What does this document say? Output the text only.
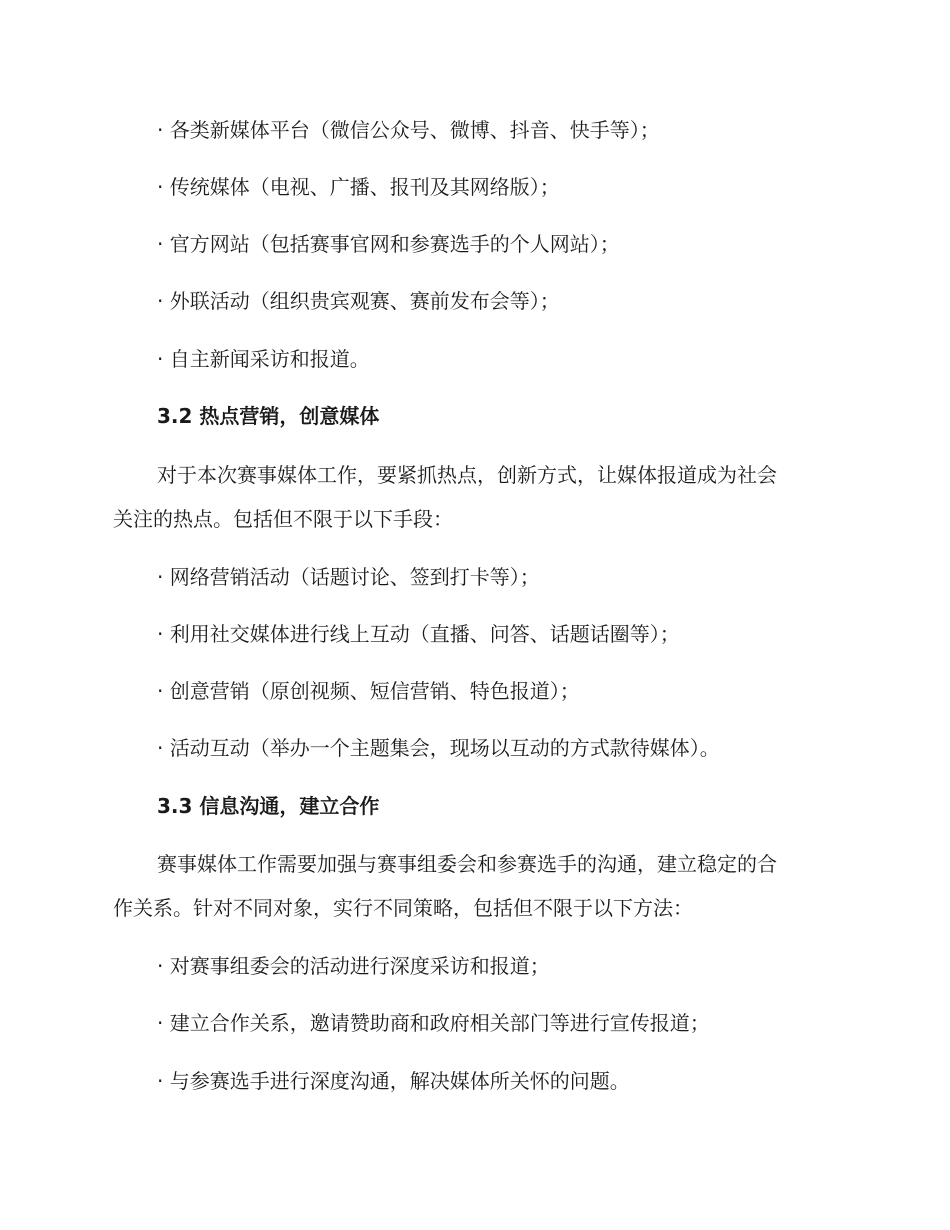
· 各类新媒体平台（微信公众号、微博、抖音、快手等）；

· 传统媒体（电视、广播、报刊及其网络版）；

· 官方网站（包括赛事官网和参赛选手的个人网站）；

· 外联活动（组织贵宾观赛、赛前发布会等）；

· 自主新闻采访和报道。

3.2 热点营销，创意媒体

对于本次赛事媒体工作，要紧抓热点，创新方式，让媒体报道成为社会

关注的热点。包括但不限于以下手段：

· 网络营销活动（话题讨论、签到打卡等）；

· 利用社交媒体进行线上互动（直播、问答、话题话圈等）；

· 创意营销（原创视频、短信营销、特色报道）；

· 活动互动（举办一个主题集会，现场以互动的方式款待媒体）。

3.3 信息沟通，建立合作

赛事媒体工作需要加强与赛事组委会和参赛选手的沟通，建立稳定的合

作关系。针对不同对象，实行不同策略，包括但不限于以下方法：

· 对赛事组委会的活动进行深度采访和报道；

· 建立合作关系，邀请赞助商和政府相关部门等进行宣传报道；

· 与参赛选手进行深度沟通，解决媒体所关怀的问题。
